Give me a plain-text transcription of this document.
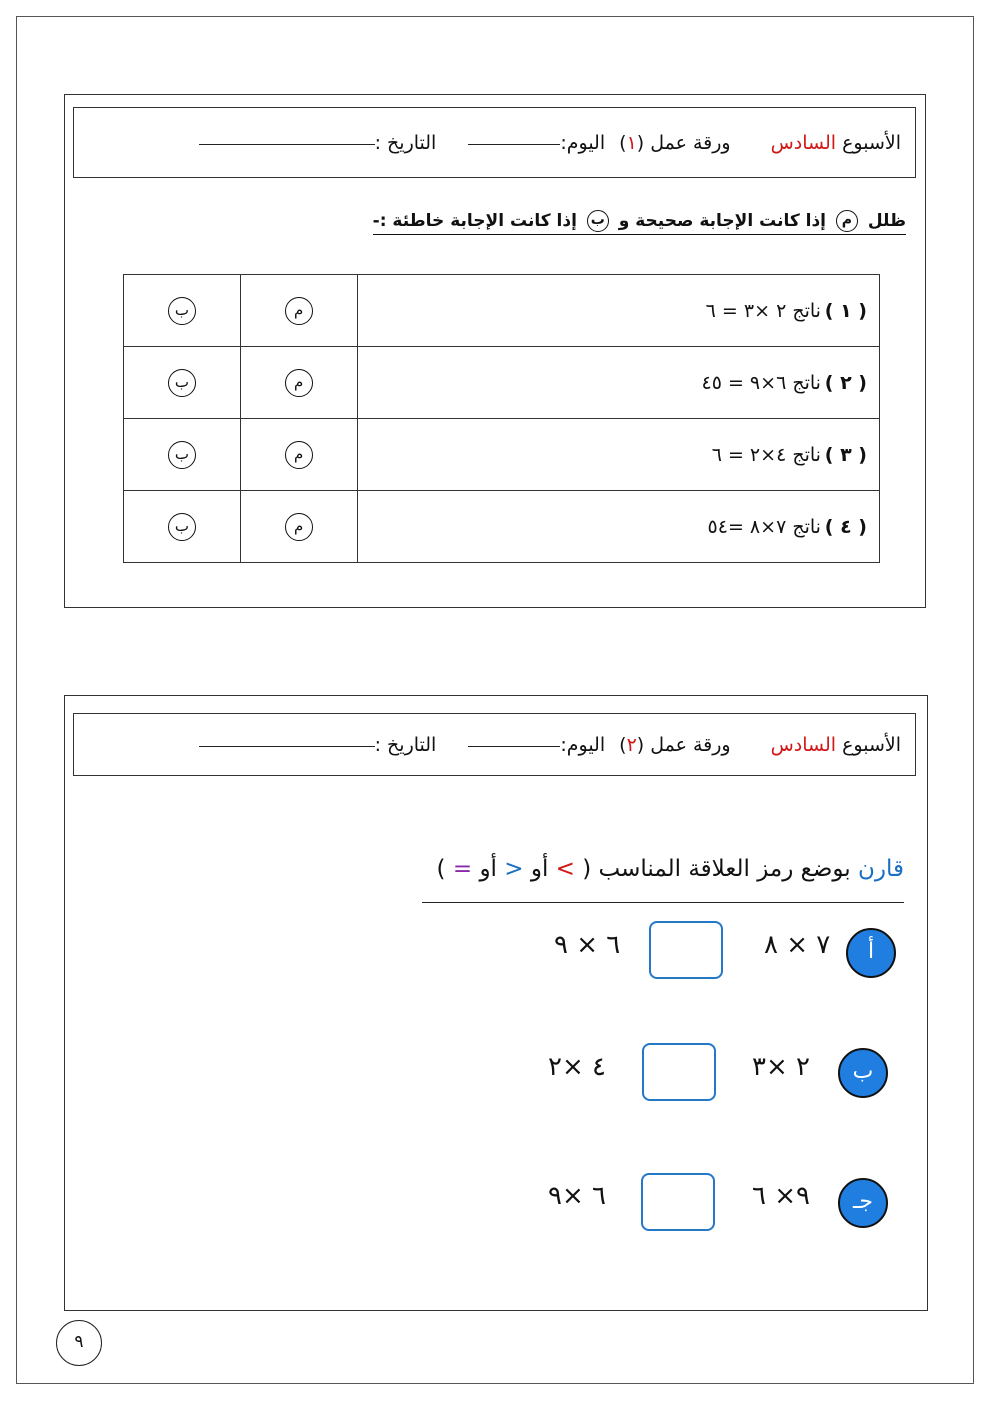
الأسبوع
السادس
ورقة عمل (
١
)
اليوم:
التاريخ :
ظلل م إذا كانت الإجابة صحيحة و ب إذا كانت الإجابة خاطئة :-
( ١ ) ناتج ٢ ×٣ = ٦	م	ب
( ٢ ) ناتج ٦×٩ = ٤٥	م	ب
( ٣ ) ناتج ٤×٢ = ٦	م	ب
( ٤ ) ناتج ٧×٨ =٥٤	م	ب
الأسبوع
السادس
ورقة عمل (
٢
)
اليوم:
التاريخ :
قارن بوضع رمز العلاقة المناسب ( > أو < أو = )
أ
٧ × ٨
٦ × ٩
ب
٢ ×٣
٤ ×٢
جـ
٩× ٦
٦ ×٩
٩
